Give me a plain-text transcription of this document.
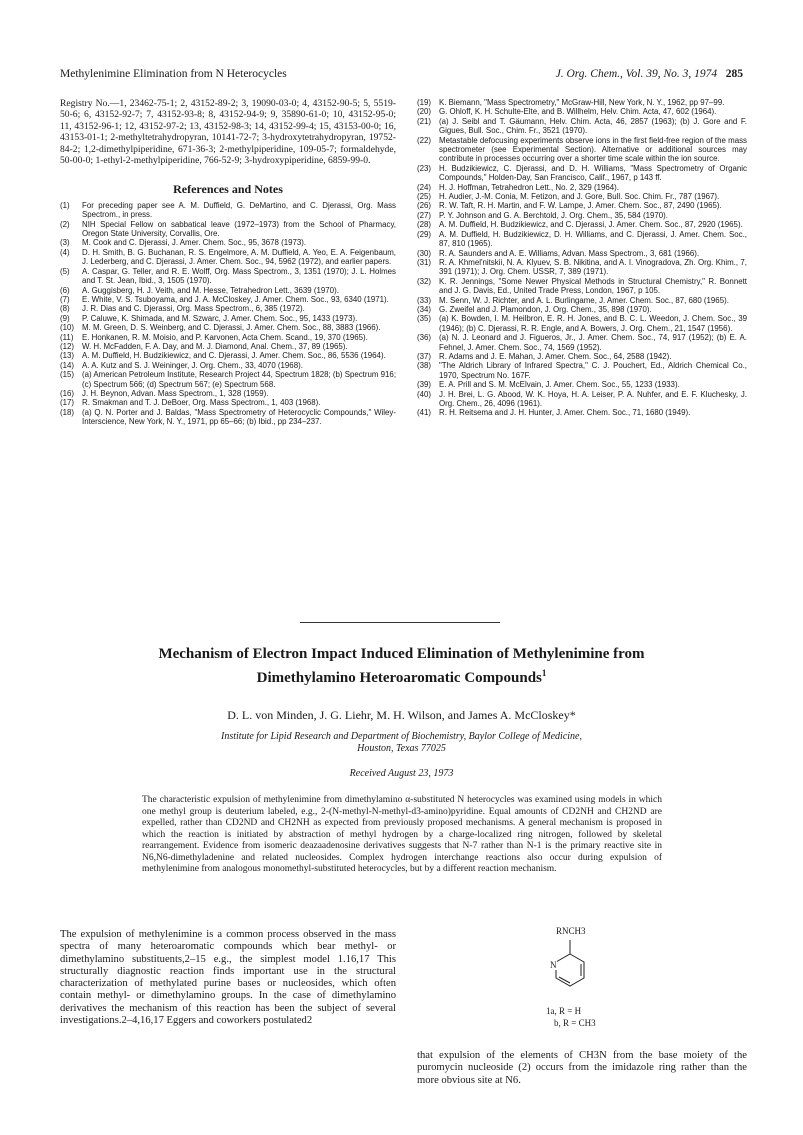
Methylenimine Elimination from N Heterocycles	J. Org. Chem., Vol. 39, No. 3, 1974 285
Registry No.—1, 23462-75-1; 2, 43152-89-2; 3, 19090-03-0; 4, 43152-90-5; 5, 5519-50-6; 6, 43152-92-7; 7, 43152-93-8; 8, 43152-94-9; 9, 35890-61-0; 10, 43152-95-0; 11, 43152-96-1; 12, 43152-97-2; 13, 43152-98-3; 14, 43152-99-4; 15, 43153-00-0; 16, 43153-01-1; 2-methyltetrahydropyran, 10141-72-7; 3-hydroxytetrahydropyran, 19752-84-2; 1,2-dimethylpiperidine, 671-36-3; 2-methylpiperidine, 109-05-7; formaldehyde, 50-00-0; 1-ethyl-2-methylpiperidine, 766-52-9; 3-hydroxypiperidine, 6859-99-0.
References and Notes
(1)	For preceding paper see A. M. Duffield, G. DeMartino, and C. Djerassi, Org. Mass Spectrom., in press.
(2)	NIH Special Fellow on sabbatical leave (1972–1973) from the School of Pharmacy, Oregon State University, Corvallis, Ore.
(3)	M. Cook and C. Djerassi, J. Amer. Chem. Soc., 95, 3678 (1973).
(4)	D. H. Smith, B. G. Buchanan, R. S. Engelmore, A. M. Duffield, A. Yeo, E. A. Feigenbaum, J. Lederberg, and C. Djerassi, J. Amer. Chem. Soc., 94, 5962 (1972), and earlier papers.
(5)	A. Caspar, G. Teller, and R. E. Wolff, Org. Mass Spectrom., 3, 1351 (1970); J. L. Holmes and T. St. Jean, Ibid., 3, 1505 (1970).
(6)	A. Guggisberg, H. J. Veith, and M. Hesse, Tetrahedron Lett., 3639 (1970).
(7)	E. White, V. S. Tsuboyama, and J. A. McCloskey, J. Amer. Chem. Soc., 93, 6340 (1971).
(8)	J. R. Dias and C. Djerassi, Org. Mass Spectrom., 6, 385 (1972).
(9)	P. Caluwe, K. Shimada, and M. Szwarc, J. Amer. Chem. Soc., 95, 1433 (1973).
(10)	M. M. Green, D. S. Weinberg, and C. Djerassi, J. Amer. Chem. Soc., 88, 3883 (1966).
(11)	E. Honkanen, R. M. Moisio, and P. Karvonen, Acta Chem. Scand., 19, 370 (1965).
(12)	W. H. McFadden, F. A. Day, and M. J. Diamond, Anal. Chem., 37, 89 (1965).
(13)	A. M. Duffield, H. Budzikiewicz, and C. Djerassi, J. Amer. Chem. Soc., 86, 5536 (1964).
(14)	A. A. Kutz and S. J. Weininger, J. Org. Chem., 33, 4070 (1968).
(15)	(a) American Petroleum Institute, Research Project 44, Spectrum 1828; (b) Spectrum 916; (c) Spectrum 566; (d) Spectrum 567; (e) Spectrum 568.
(16)	J. H. Beynon, Advan. Mass Spectrom., 1, 328 (1959).
(17)	R. Smakman and T. J. DeBoer, Org. Mass Spectrom., 1, 403 (1968).
(18)	(a) Q. N. Porter and J. Baldas, "Mass Spectrometry of Heterocyclic Compounds," Wiley-Interscience, New York, N. Y., 1971, pp 65–66; (b) Ibid., pp 234–237.
(19)	K. Biemann, "Mass Spectrometry," McGraw-Hill, New York, N. Y., 1962, pp 97–99.
(20)	G. Ohloff, K. H. Schulte-Elte, and B. Willhelm, Helv. Chim. Acta, 47, 602 (1964).
(21)	(a) J. Seibl and T. Gäumann, Helv. Chim. Acta, 46, 2857 (1963); (b) J. Gore and F. Gigues, Bull. Soc., Chim. Fr., 3521 (1970).
(22)	Metastable defocusing experiments observe ions in the first field-free region of the mass spectrometer (see Experimental Section). Alternative or additional sources may contribute in processes occurring over a shorter time scale within the ion source.
(23)	H. Budzikiewicz, C. Djerassi, and D. H. Williams, "Mass Spectrometry of Organic Compounds," Holden-Day, San Francisco, Calif., 1967, p 143 ff.
(24)	H. J. Hoffman, Tetrahedron Lett., No. 2, 329 (1964).
(25)	H. Audier, J.-M. Conia, M. Fetizon, and J. Gore, Bull. Soc. Chim. Fr., 787 (1967).
(26)	R. W. Taft, R. H. Martin, and F. W. Lampe, J. Amer. Chem. Soc., 87, 2490 (1965).
(27)	P. Y. Johnson and G. A. Berchtold, J. Org. Chem., 35, 584 (1970).
(28)	A. M. Duffield, H. Budzikiewicz, and C. Djerassi, J. Amer. Chem. Soc., 87, 2920 (1965).
(29)	A. M. Duffield, H. Budzikiewicz, D. H. Williams, and C. Djerassi, J. Amer. Chem. Soc., 87, 810 (1965).
(30)	R. A. Saunders and A. E. Williams, Advan. Mass Spectrom., 3, 681 (1966).
(31)	R. A. Khmel'nitskii, N. A. Klyuev, S. B. Nikitina, and A. I. Vinogradova, Zh. Org. Khim., 7, 391 (1971); J. Org. Chem. USSR, 7, 389 (1971).
(32)	K. R. Jennings, "Some Newer Physical Methods in Structural Chemistry," R. Bonnett and J. G. Davis, Ed., United Trade Press, London, 1967, p 105.
(33)	M. Senn, W. J. Richter, and A. L. Burlingame, J. Amer. Chem. Soc., 87, 680 (1965).
(34)	G. Zweifel and J. Plamondon, J. Org. Chem., 35, 898 (1970).
(35)	(a) K. Bowden, I. M. Heilbron, E. R. H. Jones, and B. C. L. Weedon, J. Chem. Soc., 39 (1946); (b) C. Djerassi, R. R. Engle, and A. Bowers, J. Org. Chem., 21, 1547 (1956).
(36)	(a) N. J. Leonard and J. Figueros, Jr., J. Amer. Chem. Soc., 74, 917 (1952); (b) E. A. Fehnel, J. Amer. Chem. Soc., 74, 1569 (1952).
(37)	R. Adams and J. E. Mahan, J. Amer. Chem. Soc., 64, 2588 (1942).
(38)	"The Aldrich Library of Infrared Spectra," C. J. Pouchert, Ed., Aldrich Chemical Co., 1970, Spectrum No. 167F.
(39)	E. A. Prill and S. M. McElvain, J. Amer. Chem. Soc., 55, 1233 (1933).
(40)	J. H. Brei, L. G. Abood, W. K. Hoya, H. A. Leiser, P. A. Nuhfer, and E. F. Kluchesky, J. Org. Chem., 26, 4096 (1961).
(41)	R. H. Reitsema and J. H. Hunter, J. Amer. Chem. Soc., 71, 1680 (1949).
Mechanism of Electron Impact Induced Elimination of Methylenimine from
Dimethylamino Heteroaromatic Compounds$^1$
D. L. von Minden, J. G. Liehr, M. H. Wilson, and James A. McCloskey*
Institute for Lipid Research and Department of Biochemistry, Baylor College of Medicine,
Houston, Texas 77025
Received August 23, 1973
The characteristic expulsion of methylenimine from dimethylamino α-substituted N heterocycles was examined using models in which one methyl group is deuterium labeled, e.g., 2-(N-methyl-N-methyl-d3-amino)pyridine. Equal amounts of CD2NH and CH2ND are expelled, rather than CD2ND and CH2NH as expected from previously proposed mechanisms. A general mechanism is proposed in which the reaction is initiated by abstraction of methyl hydrogen by a charge-localized ring nitrogen, followed by skeletal rearrangement. Evidence from isomeric deazaadenosine derivatives suggests that N-7 rather than N-1 is the primary reactive site in N6,N6-dimethyladenine and related nucleosides. Complex hydrogen interchange reactions also occur during expulsion of methylenimine from analogous monomethyl-substituted heterocycles, but by a different reaction mechanism.
The expulsion of methylenimine is a common process observed in the mass spectra of many heteroaromatic compounds which bear methyl- or dimethylamino substituents,2–15 e.g., the simplest model 1.16,17 This structurally diagnostic reaction finds important use in the structural characterization of methylated purine bases or nucleosides, which often contain methyl- or dimethylamino groups. In the case of dimethylamino derivatives the mechanism of this reaction has been the subject of several investigations.2–4,16,17 Eggers and coworkers postulated2
RNCH3
N
1a, R = H
b, R = CH3
that expulsion of the elements of CH3N from the base moiety of the puromycin nucleoside (2) occurs from the imidazole ring rather than the more obvious site at N6.
